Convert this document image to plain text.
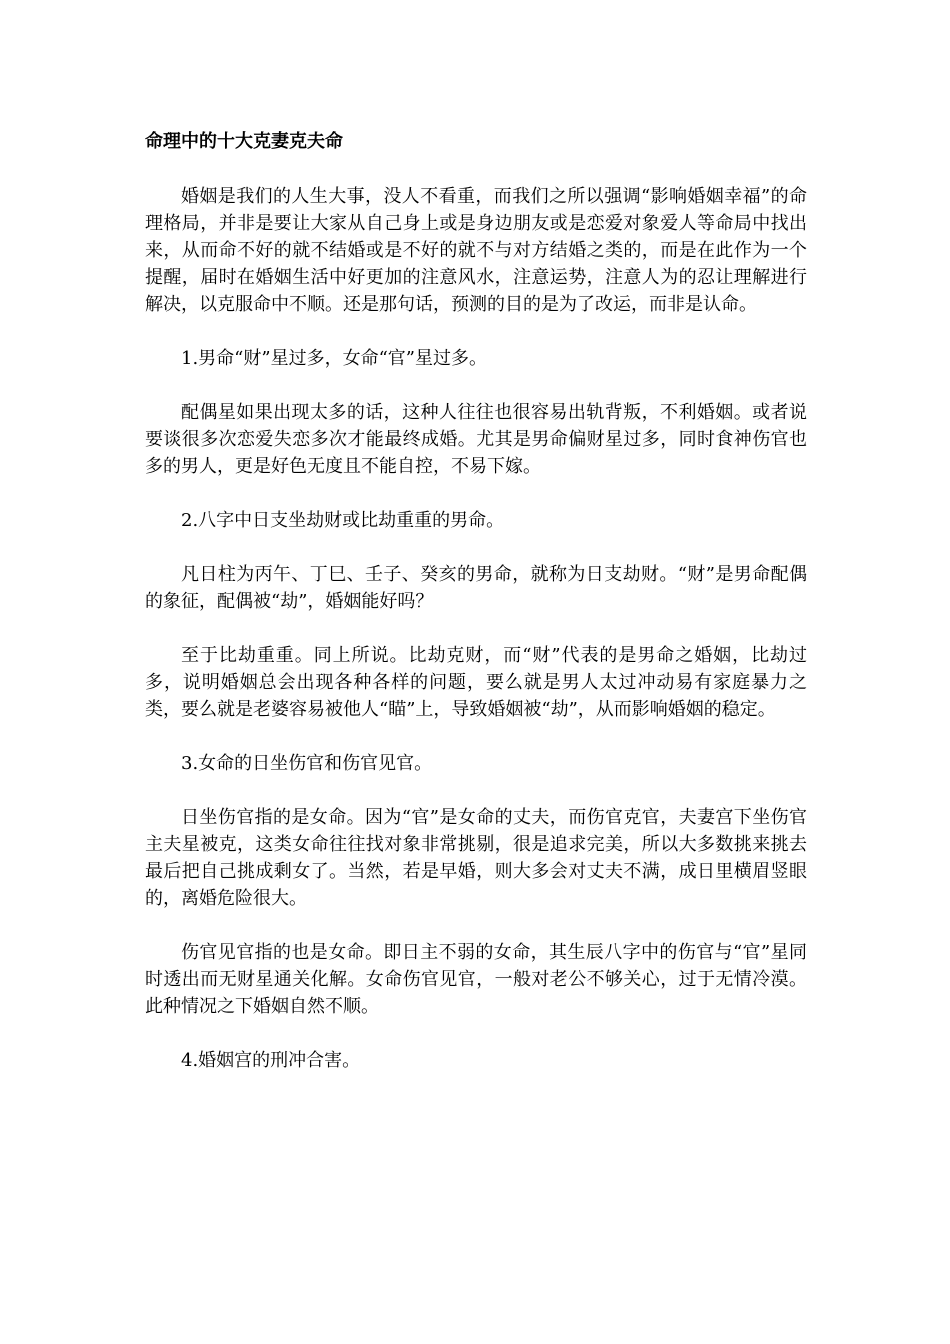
命理中的十大克妻克夫命

婚姻是我们的人生大事，没人不看重，而我们之所以强调“影响婚姻幸福”的命理格局，并非是要让大家从自己身上或是身边朋友或是恋爱对象爱人等命局中找出来，从而命不好的就不结婚或是不好的就不与对方结婚之类的，而是在此作为一个提醒，届时在婚姻生活中好更加的注意风水，注意运势，注意人为的忍让理解进行解决，以克服命中不顺。还是那句话，预测的目的是为了改运，而非是认命。

1.男命“财”星过多，女命“官”星过多。

配偶星如果出现太多的话，这种人往往也很容易出轨背叛，不利婚姻。或者说要谈很多次恋爱失恋多次才能最终成婚。尤其是男命偏财星过多，同时食神伤官也多的男人，更是好色无度且不能自控，不易下嫁。

2.八字中日支坐劫财或比劫重重的男命。

凡日柱为丙午、丁巳、壬子、癸亥的男命，就称为日支劫财。“财”是男命配偶的象征，配偶被“劫”，婚姻能好吗？

至于比劫重重。同上所说。比劫克财，而“财”代表的是男命之婚姻，比劫过多，说明婚姻总会出现各种各样的问题，要么就是男人太过冲动易有家庭暴力之类，要么就是老婆容易被他人“瞄”上，导致婚姻被“劫”，从而影响婚姻的稳定。

3.女命的日坐伤官和伤官见官。

日坐伤官指的是女命。因为“官”是女命的丈夫，而伤官克官，夫妻宫下坐伤官主夫星被克，这类女命往往找对象非常挑剔，很是追求完美，所以大多数挑来挑去最后把自己挑成剩女了。当然，若是早婚，则大多会对丈夫不满，成日里横眉竖眼的，离婚危险很大。

伤官见官指的也是女命。即日主不弱的女命，其生辰八字中的伤官与“官”星同时透出而无财星通关化解。女命伤官见官，一般对老公不够关心，过于无情冷漠。此种情况之下婚姻自然不顺。

4.婚姻宫的刑冲合害。
